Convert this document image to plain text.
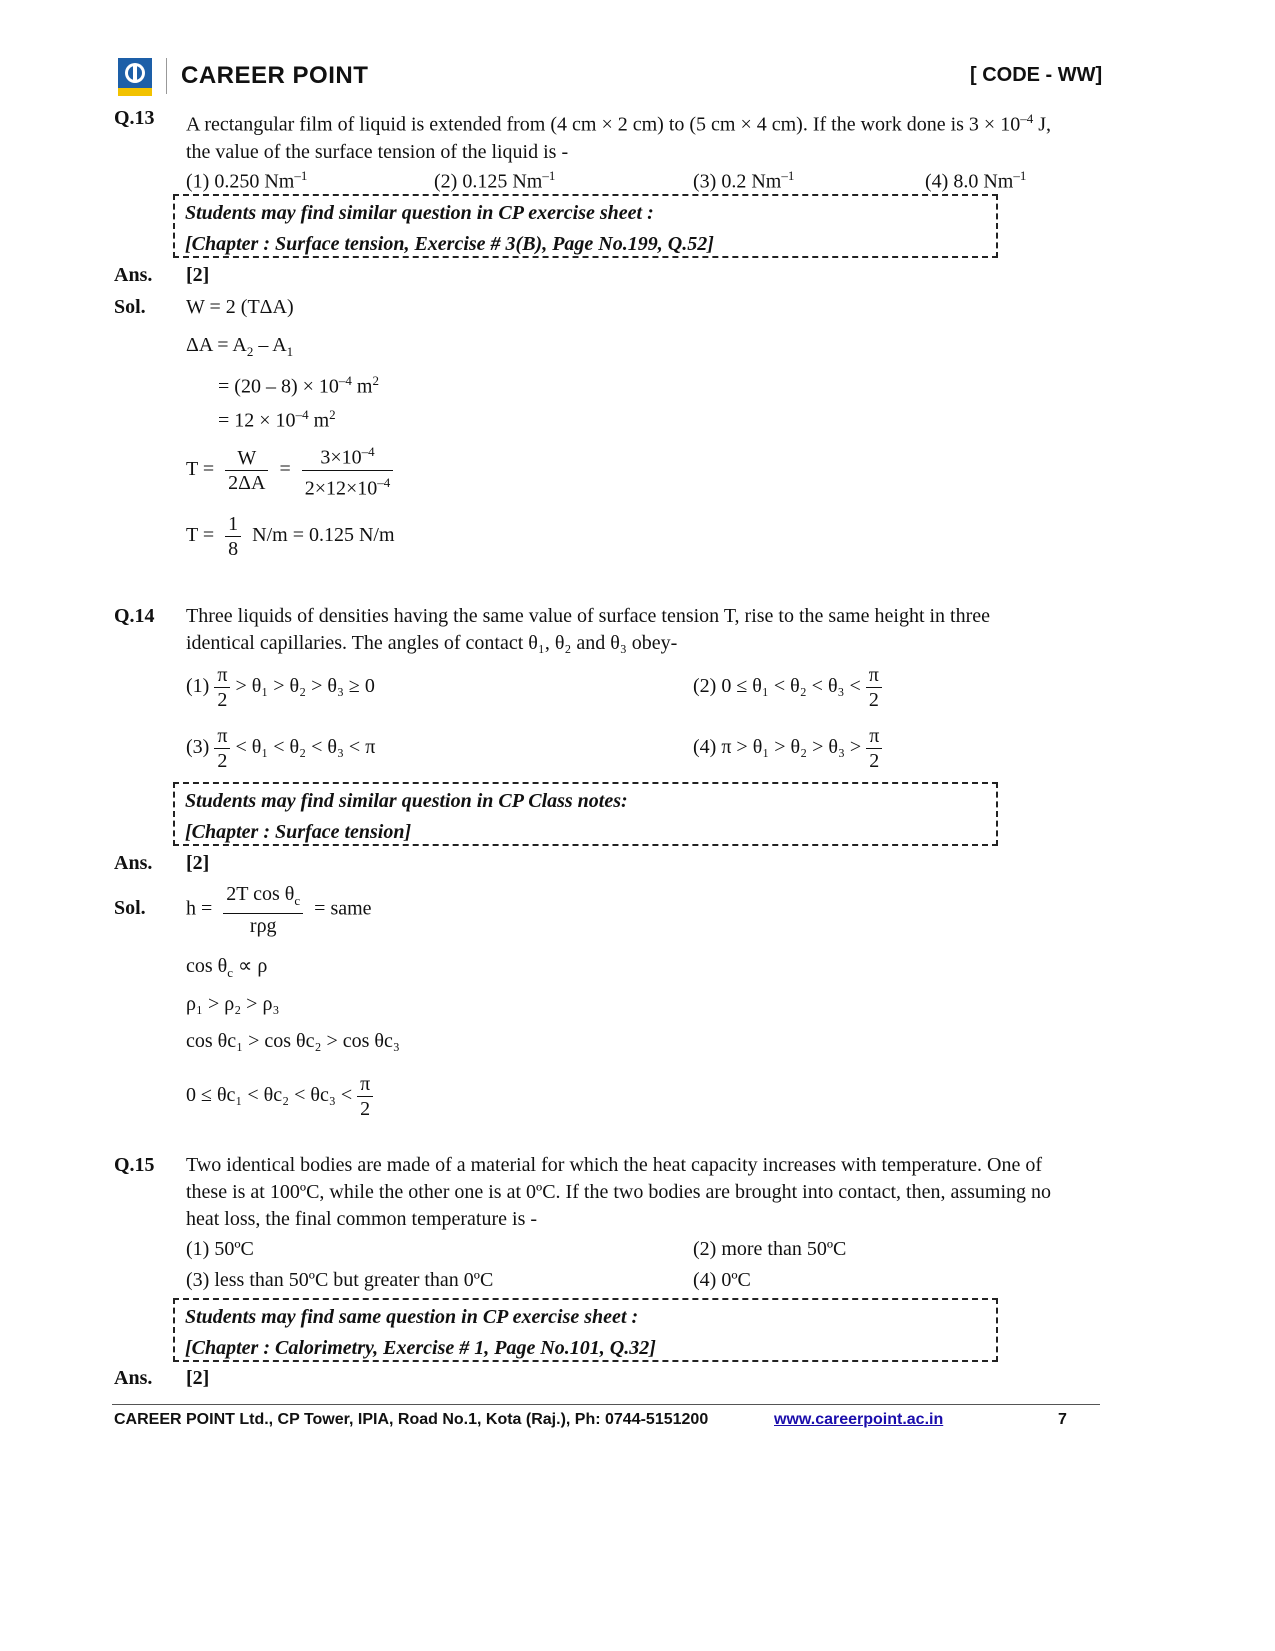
CAREER POINT	[ CODE - WW]
Q.13 A rectangular film of liquid is extended from (4 cm × 2 cm) to (5 cm × 4 cm). If the work done is $3 \times 10^{-4}$ J,
the value of the surface tension of the liquid is -
(1) 0.250 $Nm^{-1}$	(2) 0.125 $Nm^{-1}$	(3) 0.2 $Nm^{-1}$	(4) 8.0 $Nm^{-1}$
Students may find similar question in CP exercise sheet :
[Chapter : Surface tension, Exercise # 3(B), Page No.199, Q.52]
Ans. [2]
Sol. W = 2 (TΔA)
$\Delta A = A_2 - A_1$
= $(20 - 8) \times 10^{-4}$ $m^2$
= $12 \times 10^{-4}$ $m^2$
$T = \frac{W}{2\Delta A} = \frac{3\times 10^{-4}}{2\times 12\times 10^{-4}}$
$T = \frac{1}{8} N/m = 0.125$ N/m
Q.14 Three liquids of densities having the same value of surface tension T, rise to the same height in three
identical capillaries. The angles of contact θ₁, θ₂ and θ₃ obey-
$(1) \frac{\pi}{2} > \theta_1 > \theta_2 > \theta_3 \ge 0$	(2) $0 \le \theta_1 < \theta_2 < \theta_3 < \frac{\pi}{2}$
$(3) \frac{\pi}{2} < \theta_1 < \theta_2 < \theta_3 < \pi$	(4) $\pi > \theta_1 > \theta_2 > \theta_3 > \frac{\pi}{2}$
Students may find similar question in CP Class notes:
[Chapter : Surface tension]
Ans. [2]
Sol. $h = \frac{2T \cos \theta_c}{\text{rρg}}$ = same
$\cos \theta_c \propto \rho$
ρ₁ > ρ₂ > ρ₃
cos θc₁ > cos θc₂ > cos θc₃
$0 \le \theta c_1 < \theta c_2 < \theta c_3 < \frac{\pi}{2}$
Q.15 Two identical bodies are made of a material for which the heat capacity increases with temperature. One of
these is at 100ºC, while the other one is at 0ºC. If the two bodies are brought into contact, then, assuming no
heat loss, the final common temperature is -
(1) 50ºC	(2) more than 50ºC
(3) less than 50ºC but greater than 0ºC	(4) 0ºC
Students may find same question in CP exercise sheet :
[Chapter : Calorimetry, Exercise # 1, Page No.101, Q.32]
Ans. [2]
CAREER POINT Ltd., CP Tower, IPIA, Road No.1, Kota (Raj.), Ph: 0744-5151200	www.careerpoint.ac.in	7
